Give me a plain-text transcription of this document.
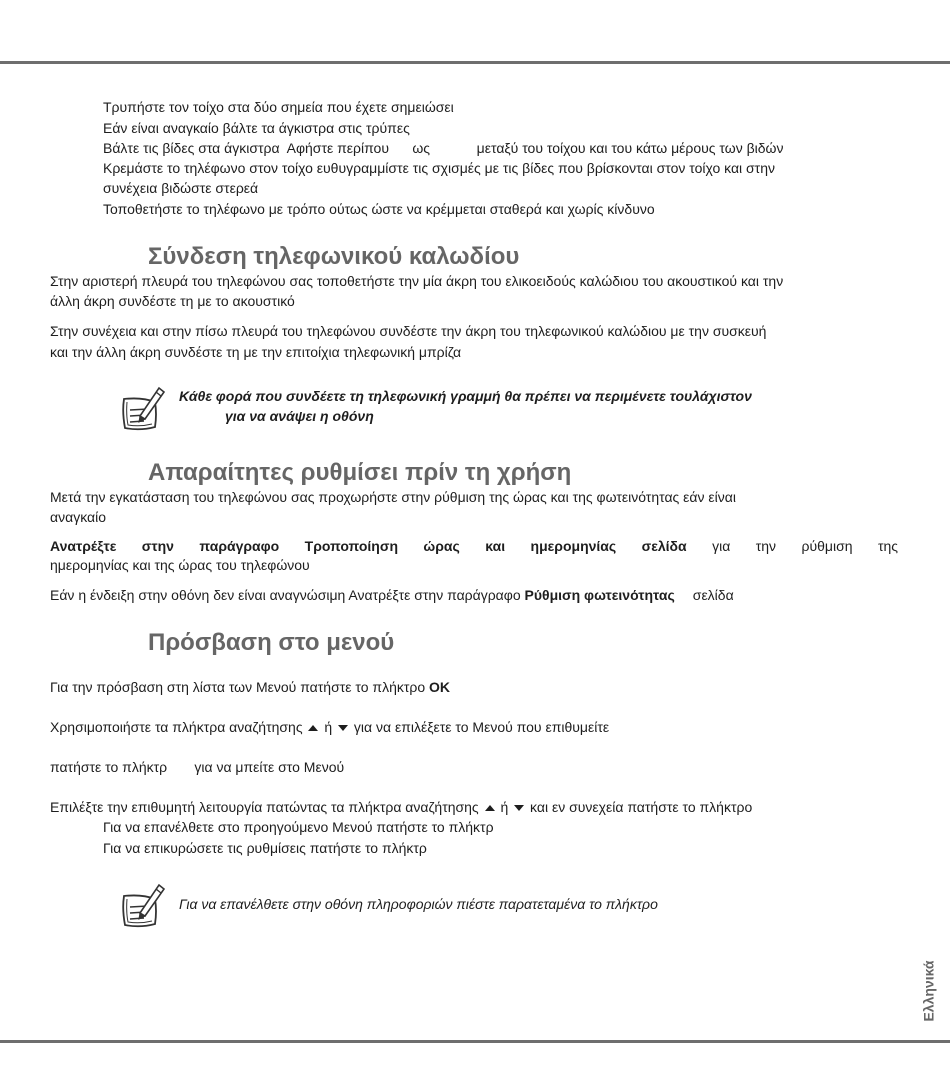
Τρυπήστε τον τοίχο στα δύο σημεία που έχετε σημειώσει
Εάν είναι αναγκαίο βάλτε τα άγκιστρα στις τρύπες
Βάλτε τις βίδες στα άγκιστρα  Αφήστε περίπου      ως            μεταξύ του τοίχου και του κάτω μέρους των βιδών
Κρεμάστε το τηλέφωνο στον τοίχο ευθυγραμμίστε τις σχισμές με τις βίδες που βρίσκονται στον τοίχο και στην
συνέχεια βιδώστε στερεά
Τοποθετήστε το τηλέφωνο με τρόπο ούτως ώστε να κρέμμεται σταθερά και χωρίς κίνδυνο
Σύνδεση τηλεφωνικού καλωδίου
Στην αριστερή πλευρά του τηλεφώνου σας τοποθετήστε την μία άκρη του ελικοειδούς καλώδιου του ακουστικού και την
άλλη άκρη συνδέστε τη με το ακουστικό
Στην συνέχεια και στην πίσω πλευρά του τηλεφώνου συνδέστε την άκρη του τηλεφωνικού καλώδιου με την συσκευή
και την άλλη άκρη συνδέστε τη με την επιτοίχια τηλεφωνική μπρίζα
Κάθε φορά που συνδέετε τη τηλεφωνική γραμμή θα πρέπει να περιμένετε τουλάχιστον
για να ανάψει η οθόνη
Απαραίτητες ρυθμίσει πρίν τη χρήση
Μετά την εγκατάσταση του τηλεφώνου σας προχωρήστε στην ρύθμιση της ώρας και της φωτεινότητας εάν είναι
αναγκαίο
Ανατρέξτε στην παράγραφο Τροποποίηση ώρας και ημερομηνίας σελίδα για την ρύθμιση της
ημερομηνίας και της ώρας του τηλεφώνου
Εάν η ένδειξη στην οθόνη δεν είναι αναγνώσιμη Ανατρέξτε στην παράγραφο Ρύθμιση φωτεινότητας σελίδα
Πρόσβαση στο μενού
Για την πρόσβαση στη λίστα των Μενού πατήστε το πλήκτρο OK
Χρησιμοποιήστε τα πλήκτρα αναζήτησης  ή για να επιλέξετε το Μενού που επιθυμείτε
πατήστε το πλήκτρ       για να μπείτε στο Μενού
Επιλέξτε την επιθυμητή λειτουργία πατώντας τα πλήκτρα αναζήτησης  ή και εν συνεχεία πατήστε το πλήκτρο
Για να επανέλθετε στο προηγούμενο Μενού πατήστε το πλήκτρ
Για να επικυρώσετε τις ρυθμίσεις πατήστε το πλήκτρ
Για να επανέλθετε στην οθόνη πληροφοριών πιέστε παρατεταμένα το πλήκτρο
Ελληνικά
